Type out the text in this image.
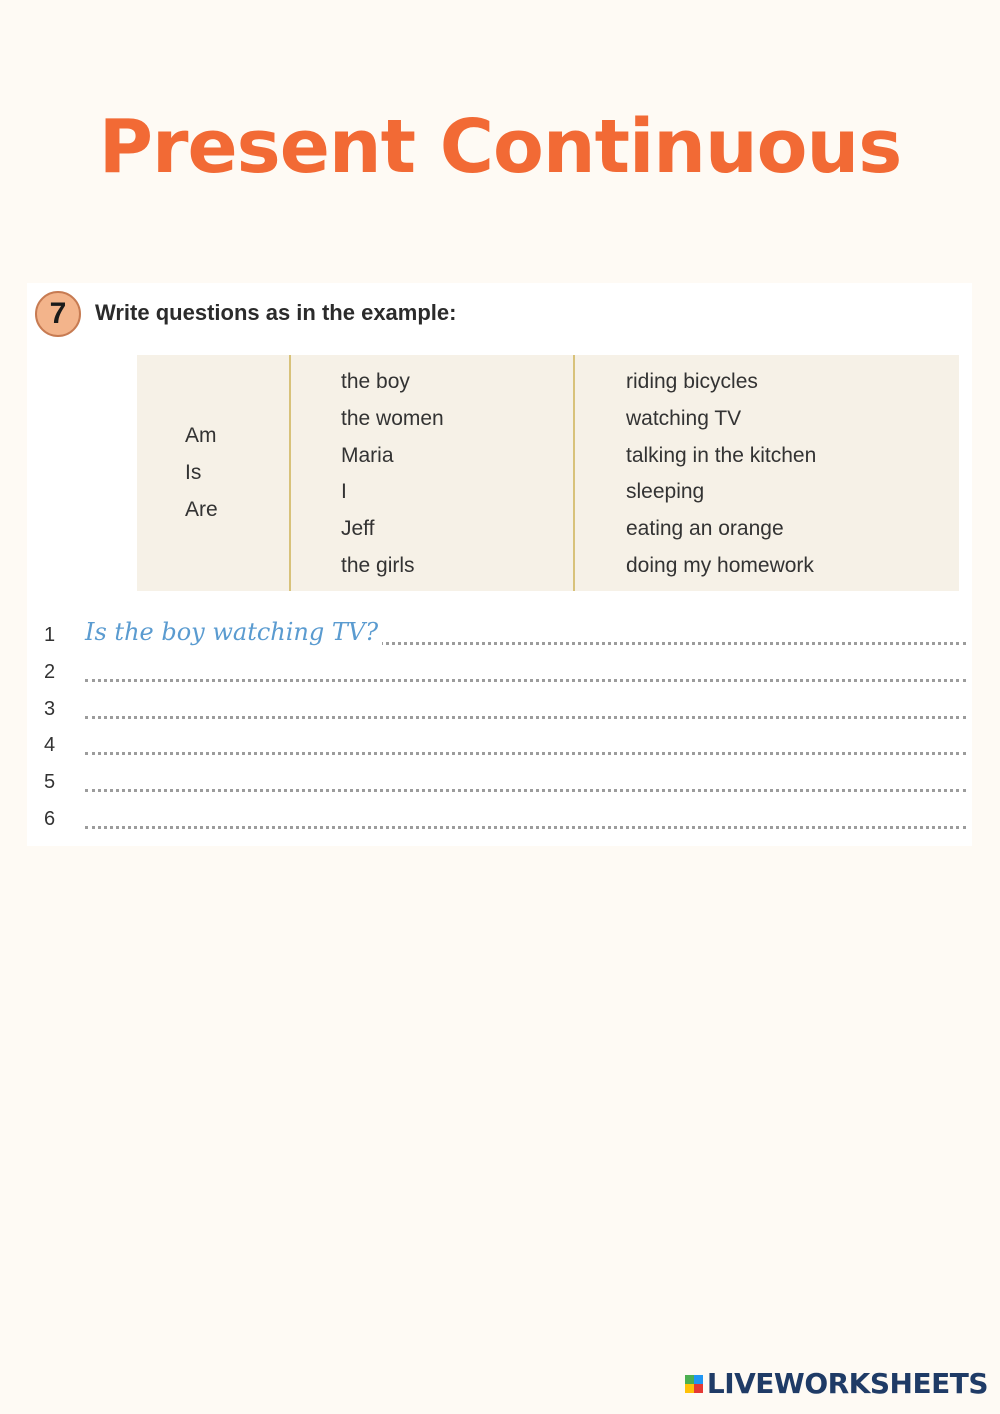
Present Continuous
7	Write questions as in the example:
Am
Is
Are
the boy
the women
Maria
I
Jeff
the girls
riding bicycles
watching TV
talking in the kitchen
sleeping
eating an orange
doing my homework
1 Is the boy watching TV?
2
3
4
5
6
LIVEWORKSHEETS
